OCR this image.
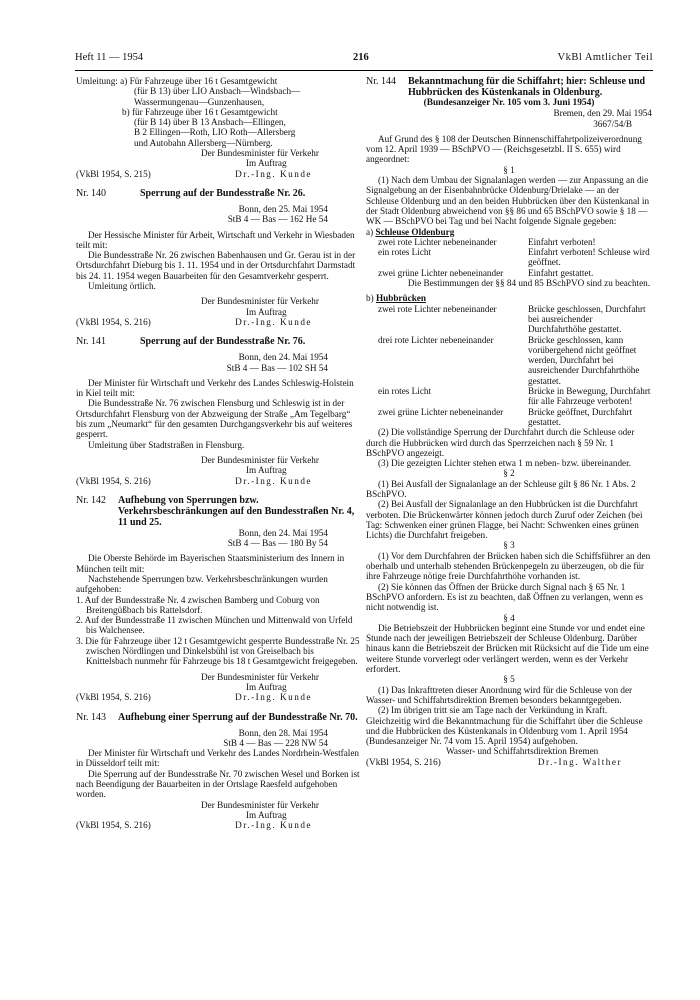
Heft 11 — 1954	216	VkBl Amtlicher Teil

Umleitung: a) Für Fahrzeuge über 16 t Gesamtgewicht

(für B 13) über LIO Ansbach—Windsbach—

Wassermungenau—Gunzenhausen,

b) für Fahrzeuge über 16 t Gesamtgewicht

(für B 14) über B 13 Ansbach—Ellingen,

B 2 Ellingen—Roth, LIO Roth—Allersberg

und Autobahn Allersberg—Nürnberg.

Der Bundesminister für Verkehr

Im Auftrag

(VkBl 1954, S. 215)	Dr.-Ing. Kunde
Nr. 140	Sperrung auf der Bundesstraße Nr. 26.

Bonn, den 25. Mai 1954

StB 4 — Bas — 162 He 54

Der Hessische Minister für Arbeit, Wirtschaft und Verkehr in Wiesbaden teilt mit:

Die Bundesstraße Nr. 26 zwischen Babenhausen und Gr. Gerau ist in der Ortsdurchfahrt Dieburg bis 1. 11. 1954 und in der Ortsdurchfahrt Darmstadt bis 24. 11. 1954 wegen Bauarbeiten für den Gesamtverkehr gesperrt.

Umleitung örtlich.

Der Bundesminister für Verkehr

Im Auftrag

(VkBl 1954, S. 216)	Dr.-Ing. Kunde
Nr. 141	Sperrung auf der Bundesstraße Nr. 76.

Bonn, den 24. Mai 1954

StB 4 — Bas — 102 SH 54

Der Minister für Wirtschaft und Verkehr des Landes Schleswig-Holstein in Kiel teilt mit:

Die Bundesstraße Nr. 76 zwischen Flensburg und Schleswig ist in der Ortsdurchfahrt Flensburg von der Abzweigung der Straße „Am Tegelbarg“ bis zum „Neumarkt“ für den gesamten Durchgangsverkehr bis auf weiteres gesperrt.

Umleitung über Stadtstraßen in Flensburg.

Der Bundesminister für Verkehr

Im Auftrag

(VkBl 1954, S. 216)	Dr.-Ing. Kunde
Nr. 142	Aufhebung von Sperrungen bzw. Verkehrsbeschränkungen auf den Bundesstraßen Nr. 4, 11 und 25.

Bonn, den 24. Mai 1954

StB 4 — Bas — 180 By 54

Die Oberste Behörde im Bayerischen Staatsministerium des Innern in München teilt mit:

Nachstehende Sperrungen bzw. Verkehrsbeschränkungen wurden aufgehoben:

1. Auf der Bundesstraße Nr. 4 zwischen Bamberg und Coburg von Breitengüßbach bis Rattelsdorf.

2. Auf der Bundesstraße 11 zwischen München und Mittenwald von Urfeld bis Walchensee.

3. Die für Fahrzeuge über 12 t Gesamtgewicht gesperrte Bundesstraße Nr. 25 zwischen Nördlingen und Dinkelsbühl ist von Greiselbach bis Knittelsbach nunmehr für Fahrzeuge bis 18 t Gesamtgewicht freigegeben.

Der Bundesminister für Verkehr

Im Auftrag

(VkBl 1954, S. 216)	Dr.-Ing. Kunde
Nr. 143	Aufhebung einer Sperrung auf der Bundesstraße Nr. 70.

Bonn, den 28. Mai 1954

StB 4 — Bas — 228 NW 54

Der Minister für Wirtschaft und Verkehr des Landes Nordrhein-Westfalen in Düsseldorf teilt mit:

Die Sperrung auf der Bundesstraße Nr. 70 zwischen Wesel und Borken ist nach Beendigung der Bauarbeiten in der Ortslage Raesfeld aufgehoben worden.

Der Bundesminister für Verkehr

Im Auftrag

(VkBl 1954, S. 216)	Dr.-Ing. Kunde
Nr. 144	Bekanntmachung für die Schiffahrt; hier: Schleuse und Hubbrücken des Küstenkanals in Oldenburg.

(Bundesanzeiger Nr. 105 vom 3. Juni 1954)

Bremen, den 29. Mai 1954

3667/54/B

Auf Grund des § 108 der Deutschen Binnenschiffahrtpolizeiverordnung vom 12. April 1939 — BSchPVO — (Reichsgesetzbl. II S. 655) wird angeordnet:

§ 1

(1) Nach dem Umbau der Signalanlagen werden — zur Anpassung an die Signalgebung an der Eisenbahnbrücke Oldenburg/Drielake — an der Schleuse Oldenburg und an den beiden Hubbrücken über den Küstenkanal in der Stadt Oldenburg abweichend von §§ 86 und 65 BSchPVO sowie § 18 — WK — BSchPVO bei Tag und bei Nacht folgende Signale gegeben:

a) Schleuse Oldenburg

zwei rote Lichter nebeneinander	Einfahrt verboten!
ein rotes Licht	Einfahrt verboten! Schleuse wird geöffnet.
zwei grüne Lichter nebeneinander	Einfahrt gestattet.

Die Bestimmungen der §§ 84 und 85 BSchPVO sind zu beachten.

b) Hubbrücken

zwei rote Lichter nebeneinander	Brücke geschlossen, Durchfahrt bei ausreichender Durchfahrthöhe gestattet.
drei rote Lichter nebeneinander	Brücke geschlossen, kann vorübergehend nicht geöffnet werden, Durchfahrt bei ausreichender Durchfahrthöhe gestattet.
ein rotes Licht	Brücke in Bewegung, Durchfahrt für alle Fahrzeuge verboten!
zwei grüne Lichter nebeneinander	Brücke geöffnet, Durchfahrt gestattet.

(2) Die vollständige Sperrung der Durchfahrt durch die Schleuse oder durch die Hubbrücken wird durch das Sperrzeichen nach § 59 Nr. 1 BSchPVO angezeigt.

(3) Die gezeigten Lichter stehen etwa 1 m neben- bzw. übereinander.

§ 2

(1) Bei Ausfall der Signalanlage an der Schleuse gilt § 86 Nr. 1 Abs. 2 BSchPVO.

(2) Bei Ausfall der Signalanlage an den Hubbrücken ist die Durchfahrt verboten. Die Brückenwärter können jedoch durch Zuruf oder Zeichen (bei Tag: Schwenken einer grünen Flagge, bei Nacht: Schwenken eines grünen Lichts) die Durchfahrt freigeben.

§ 3

(1) Vor dem Durchfahren der Brücken haben sich die Schiffsführer an den oberhalb und unterhalb stehenden Brückenpegeln zu überzeugen, ob die für ihre Fahrzeuge nötige freie Durchfahrthöhe vorhanden ist.

(2) Sie können das Öffnen der Brücke durch Signal nach § 65 Nr. 1 BSchPVO anfordern. Es ist zu beachten, daß Öffnen zu verlangen, wenn es nicht notwendig ist.

§ 4

Die Betriebszeit der Hubbrücken beginnt eine Stunde vor und endet eine Stunde nach der jeweiligen Betriebszeit der Schleuse Oldenburg. Darüber hinaus kann die Betriebszeit der Brücken mit Rücksicht auf die Tide um eine weitere Stunde vorverlegt oder verlängert werden, wenn es der Verkehr erfordert.

§ 5

(1) Das Inkrafttreten dieser Anordnung wird für die Schleuse von der Wasser- und Schiffahrtsdirektion Bremen besonders bekanntgegeben.

(2) Im übrigen tritt sie am Tage nach der Verkündung in Kraft. Gleichzeitig wird die Bekanntmachung für die Schiffahrt über die Schleuse und die Hubbrücken des Küstenkanals in Oldenburg vom 1. April 1954 (Bundesanzeiger Nr. 74 vom 15. April 1954) aufgehoben.

Wasser- und Schiffahrtsdirektion Bremen

(VkBl 1954, S. 216)	Dr.-Ing. Walther
